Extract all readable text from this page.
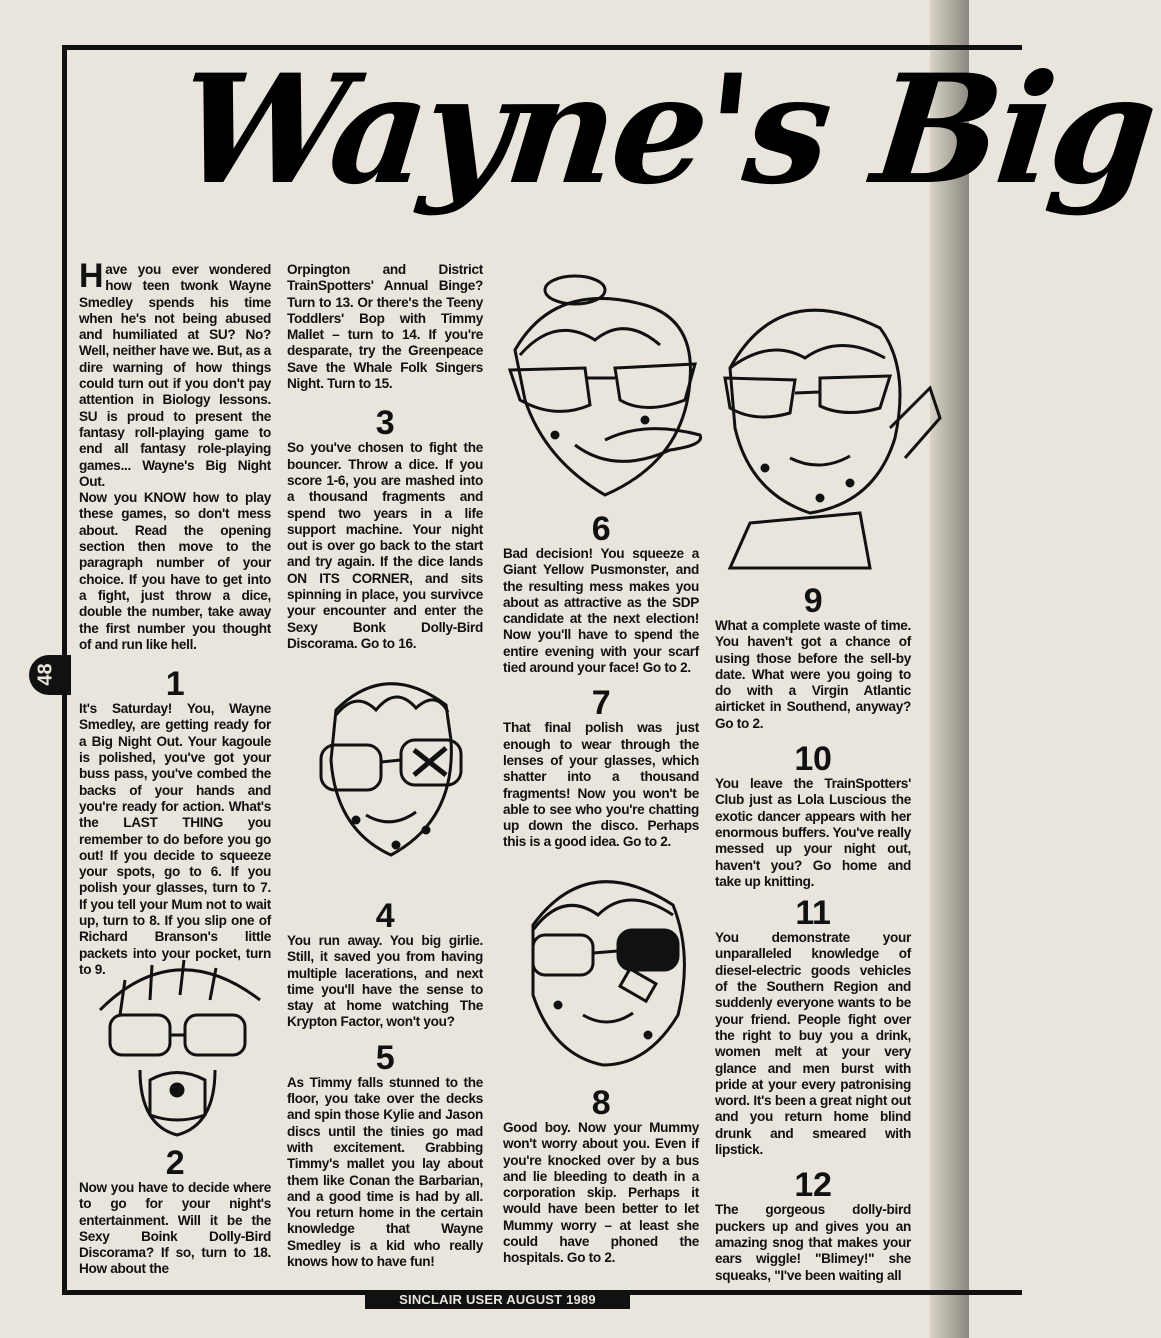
Wayne's Big
48

Have you ever wondered how teen twonk Wayne Smedley spends his time when he's not being abused and humiliated at SU? No? Well, neither have we. But, as a dire warning of how things could turn out if you don't pay attention in Biology lessons. SU is proud to present the fantasy roll-playing game to end all fantasy role-playing games... Wayne's Big Night Out.

Now you KNOW how to play these games, so don't mess about. Read the opening section then move to the paragraph number of your choice. If you have to get into a fight, just throw a dice, double the number, take away the first number you thought of and run like hell.

1

It's Saturday! You, Wayne Smedley, are getting ready for a Big Night Out. Your kagoule is polished, you've got your buss pass, you've combed the backs of your hands and you're ready for action. What's the LAST THING you remember to do before you go out! If you decide to squeeze your spots, go to 6. If you polish your glasses, turn to 7. If you tell your Mum not to wait up, turn to 8. If you slip one of Richard Branson's little packets into your pocket, turn to 9.

2

Now you have to decide where to go for your night's entertainment. Will it be the Sexy Boink Dolly-Bird Discorama? If so, turn to 18. How about the

Orpington and District TrainSpotters' Annual Binge? Turn to 13. Or there's the Teeny Toddlers' Bop with Timmy Mallet – turn to 14. If you're desparate, try the Greenpeace Save the Whale Folk Singers Night. Turn to 15.

3

So you've chosen to fight the bouncer. Throw a dice. If you score 1-6, you are mashed into a thousand fragments and spend two years in a life support machine. Your night out is over go back to the start and try again. If the dice lands ON ITS CORNER, and sits spinning in place, you survivce your encounter and enter the Sexy Bonk Dolly-Bird Discorama. Go to 16.

4

You run away. You big girlie. Still, it saved you from having multiple lacerations, and next time you'll have the sense to stay at home watching The Krypton Factor, won't you?

5

As Timmy falls stunned to the floor, you take over the decks and spin those Kylie and Jason discs until the tinies go mad with excitement. Grabbing Timmy's mallet you lay about them like Conan the Barbarian, and a good time is had by all. You return home in the certain knowledge that Wayne Smedley is a kid who really knows how to have fun!

6

Bad decision! You squeeze a Giant Yellow Pusmonster, and the resulting mess makes you about as attractive as the SDP candidate at the next election! Now you'll have to spend the entire evening with your scarf tied around your face! Go to 2.

7

That final polish was just enough to wear through the lenses of your glasses, which shatter into a thousand fragments! Now you won't be able to see who you're chatting up down the disco. Perhaps this is a good idea. Go to 2.

8

Good boy. Now your Mummy won't worry about you. Even if you're knocked over by a bus and lie bleeding to death in a corporation skip. Perhaps it would have been better to let Mummy worry – at least she could have phoned the hospitals. Go to 2.

9

What a complete waste of time. You haven't got a chance of using those before the sell-by date. What were you going to do with a Virgin Atlantic airticket in Southend, anyway? Go to 2.

10

You leave the TrainSpotters' Club just as Lola Luscious the exotic dancer appears with her enormous buffers. You've really messed up your night out, haven't you? Go home and take up knitting.

11

You demonstrate your unparalleled knowledge of diesel-electric goods vehicles of the Southern Region and suddenly everyone wants to be your friend. People fight over the right to buy you a drink, women melt at your very glance and men burst with pride at your every patronising word. It's been a great night out and you return home blind drunk and smeared with lipstick.

12

The gorgeous dolly-bird puckers up and gives you an amazing snog that makes your ears wiggle! "Blimey!" she squeaks, "I've been waiting all

SINCLAIR USER AUGUST 1989
